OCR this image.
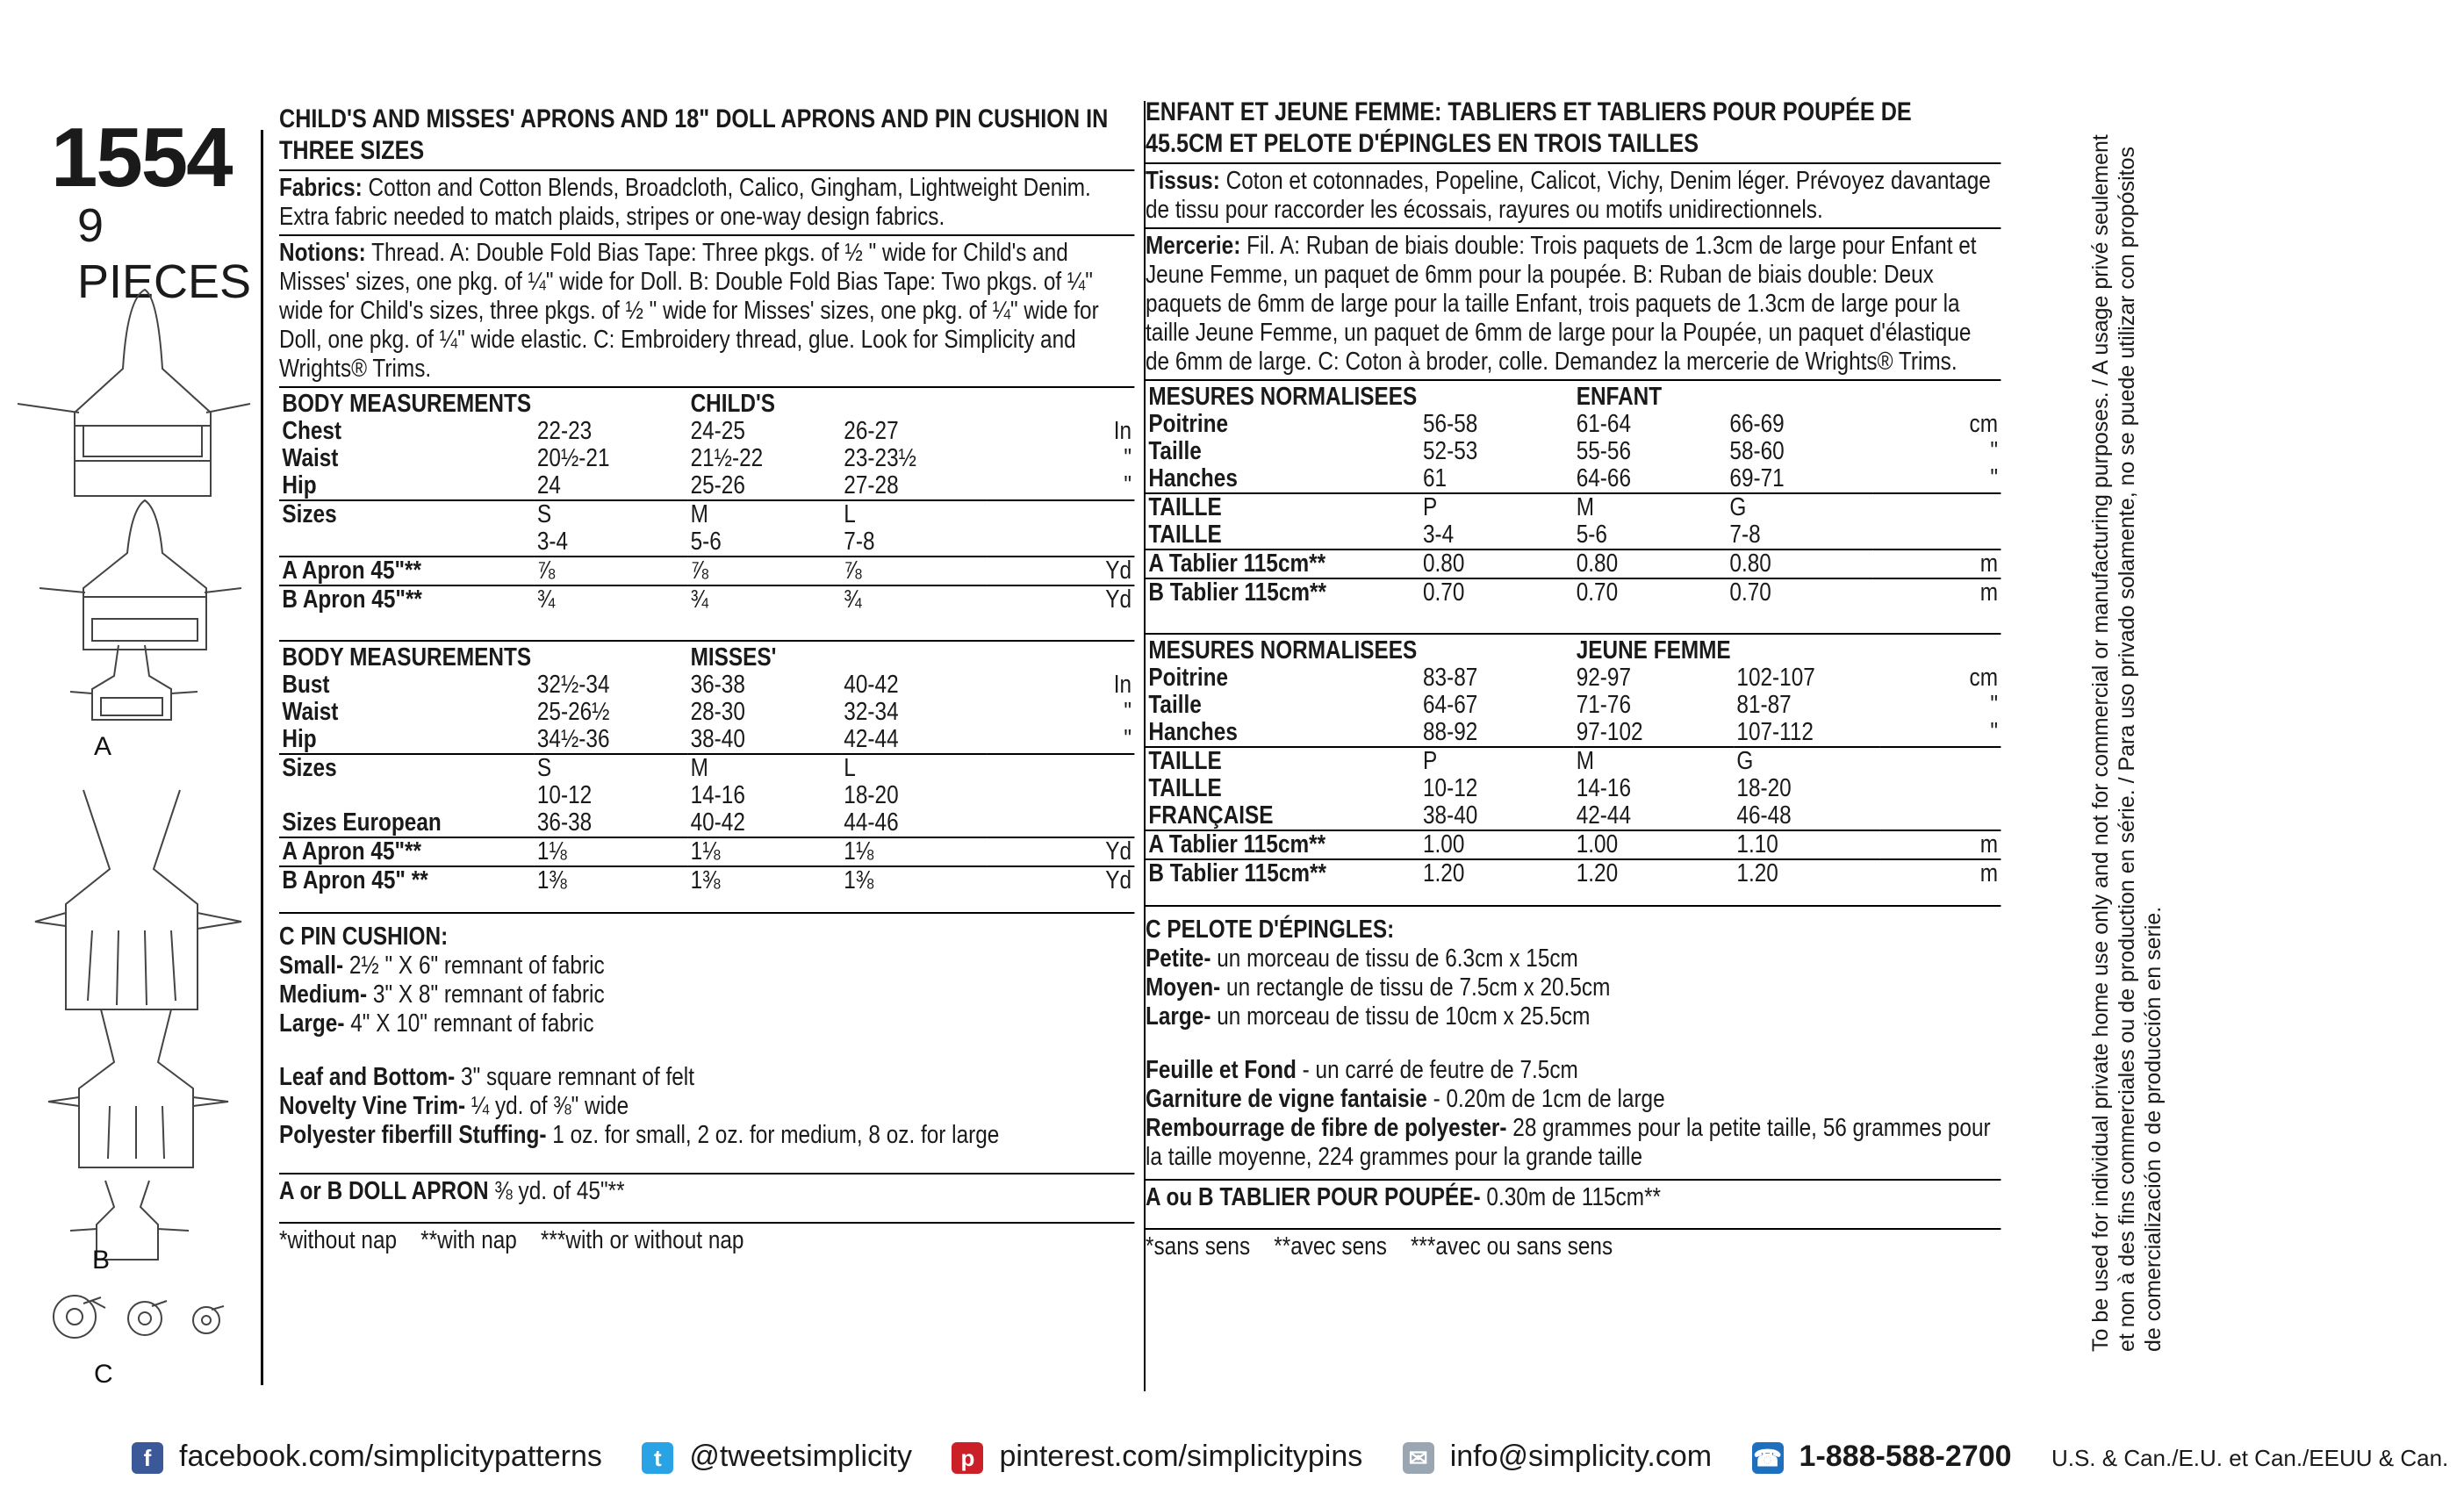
1554
9 PIECES
A
B
C
CHILD'S AND MISSES' APRONS AND 18" DOLL APRONS AND PIN CUSHION IN THREE SIZES
Fabrics: Cotton and Cotton Blends, Broadcloth, Calico, Gingham, Lightweight Denim. Extra fabric needed to match plaids, stripes or one-way design fabrics.
Notions: Thread. A: Double Fold Bias Tape: Three pkgs. of ½ " wide for Child's and Misses' sizes, one pkg. of ¼" wide for Doll. B: Double Fold Bias Tape: Two pkgs. of ¼" wide for Child's sizes, three pkgs. of ½ " wide for Misses' sizes, one pkg. of ¼" wide for Doll, one pkg. of ¼" wide elastic. C: Embroidery thread, glue. Look for Simplicity and Wrights® Trims.
BODY MEASUREMENTS		CHILD'S		
Chest	22-23	24-25	26-27	In
Waist	20½-21	21½-22	23-23½	"
Hip	24	25-26	27-28	"
Sizes	S	M	L	
	3-4	5-6	7-8	
A Apron 45"**	⅞	⅞	⅞	Yd
B Apron 45"**	¾	¾	¾	Yd
BODY MEASUREMENTS		MISSES'		
Bust	32½-34	36-38	40-42	In
Waist	25-26½	28-30	32-34	"
Hip	34½-36	38-40	42-44	"
Sizes	S	M	L	
	10-12	14-16	18-20	
Sizes European	36-38	40-42	44-46	
A Apron 45"**	1⅛	1⅛	1⅛	Yd
B Apron 45" **	1⅜	1⅜	1⅜	Yd
C PIN CUSHION:
Small- 2½ " X 6" remnant of fabric
Medium- 3" X 8" remnant of fabric
Large- 4" X 10" remnant of fabric
Leaf and Bottom- 3" square remnant of felt
Novelty Vine Trim- ¼ yd. of ⅜" wide
Polyester fiberfill Stuffing- 1 oz. for small, 2 oz. for medium, 8 oz. for large
A or B DOLL APRON ⅜ yd. of 45"**
*without nap    **with nap    ***with or without nap
ENFANT ET JEUNE FEMME: TABLIERS ET TABLIERS POUR POUPÉE DE 45.5CM ET PELOTE D'ÉPINGLES EN TROIS TAILLES
Tissus: Coton et cotonnades, Popeline, Calicot, Vichy, Denim léger. Prévoyez davantage de tissu pour raccorder les écossais, rayures ou motifs unidirectionnels.
Mercerie: Fil. A: Ruban de biais double: Trois paquets de 1.3cm de large pour Enfant et Jeune Femme, un paquet de 6mm pour la poupée. B: Ruban de biais double: Deux paquets de 6mm de large pour la taille Enfant, trois paquets de 1.3cm de large pour la taille Jeune Femme, un paquet de 6mm de large pour la Poupée, un paquet d'élastique de 6mm de large. C: Coton à broder, colle. Demandez la mercerie de Wrights® Trims.
MESURES NORMALISEES		ENFANT		
Poitrine	56-58	61-64	66-69	cm
Taille	52-53	55-56	58-60	"
Hanches	61	64-66	69-71	"
TAILLE	P	M	G	
TAILLE	3-4	5-6	7-8	
A Tablier 115cm**	0.80	0.80	0.80	m
B Tablier 115cm**	0.70	0.70	0.70	m
MESURES NORMALISEES		JEUNE FEMME		
Poitrine	83-87	92-97	102-107	cm
Taille	64-67	71-76	81-87	"
Hanches	88-92	97-102	107-112	"
TAILLE	P	M	G	
TAILLE	10-12	14-16	18-20	
FRANÇAISE	38-40	42-44	46-48	
A Tablier 115cm**	1.00	1.00	1.10	m
B Tablier 115cm**	1.20	1.20	1.20	m
C PELOTE D'ÉPINGLES:
Petite- un morceau de tissu de 6.3cm x 15cm
Moyen- un rectangle de tissu de 7.5cm x 20.5cm
Large- un morceau de tissu de 10cm x 25.5cm
Feuille et Fond - un carré de feutre de 7.5cm
Garniture de vigne fantaisie - 0.20m de 1cm de large
Rembourrage de fibre de polyester- 28 grammes pour la petite taille, 56 grammes pour la taille moyenne, 224 grammes pour la grande taille
A ou B TABLIER POUR POUPÉE- 0.30m de 115cm**
*sans sens    **avec sens    ***avec ou sans sens	To be used for individual private home use only and not for commercial or manufacturing purposes. / A usage privé seulement et non à des fins commerciales ou de production en série. / Para uso privado solamente, no se puede utilizar con propósitos de comercialización o de producción en serie.
f facebook.com/simplicitypatterns t @tweetsimplicity p pinterest.com/simplicitypins ✉ info@simplicity.com ☎ 1-888-588-2700 U.S. & Can./E.U. et Can./EEUU & Can.
